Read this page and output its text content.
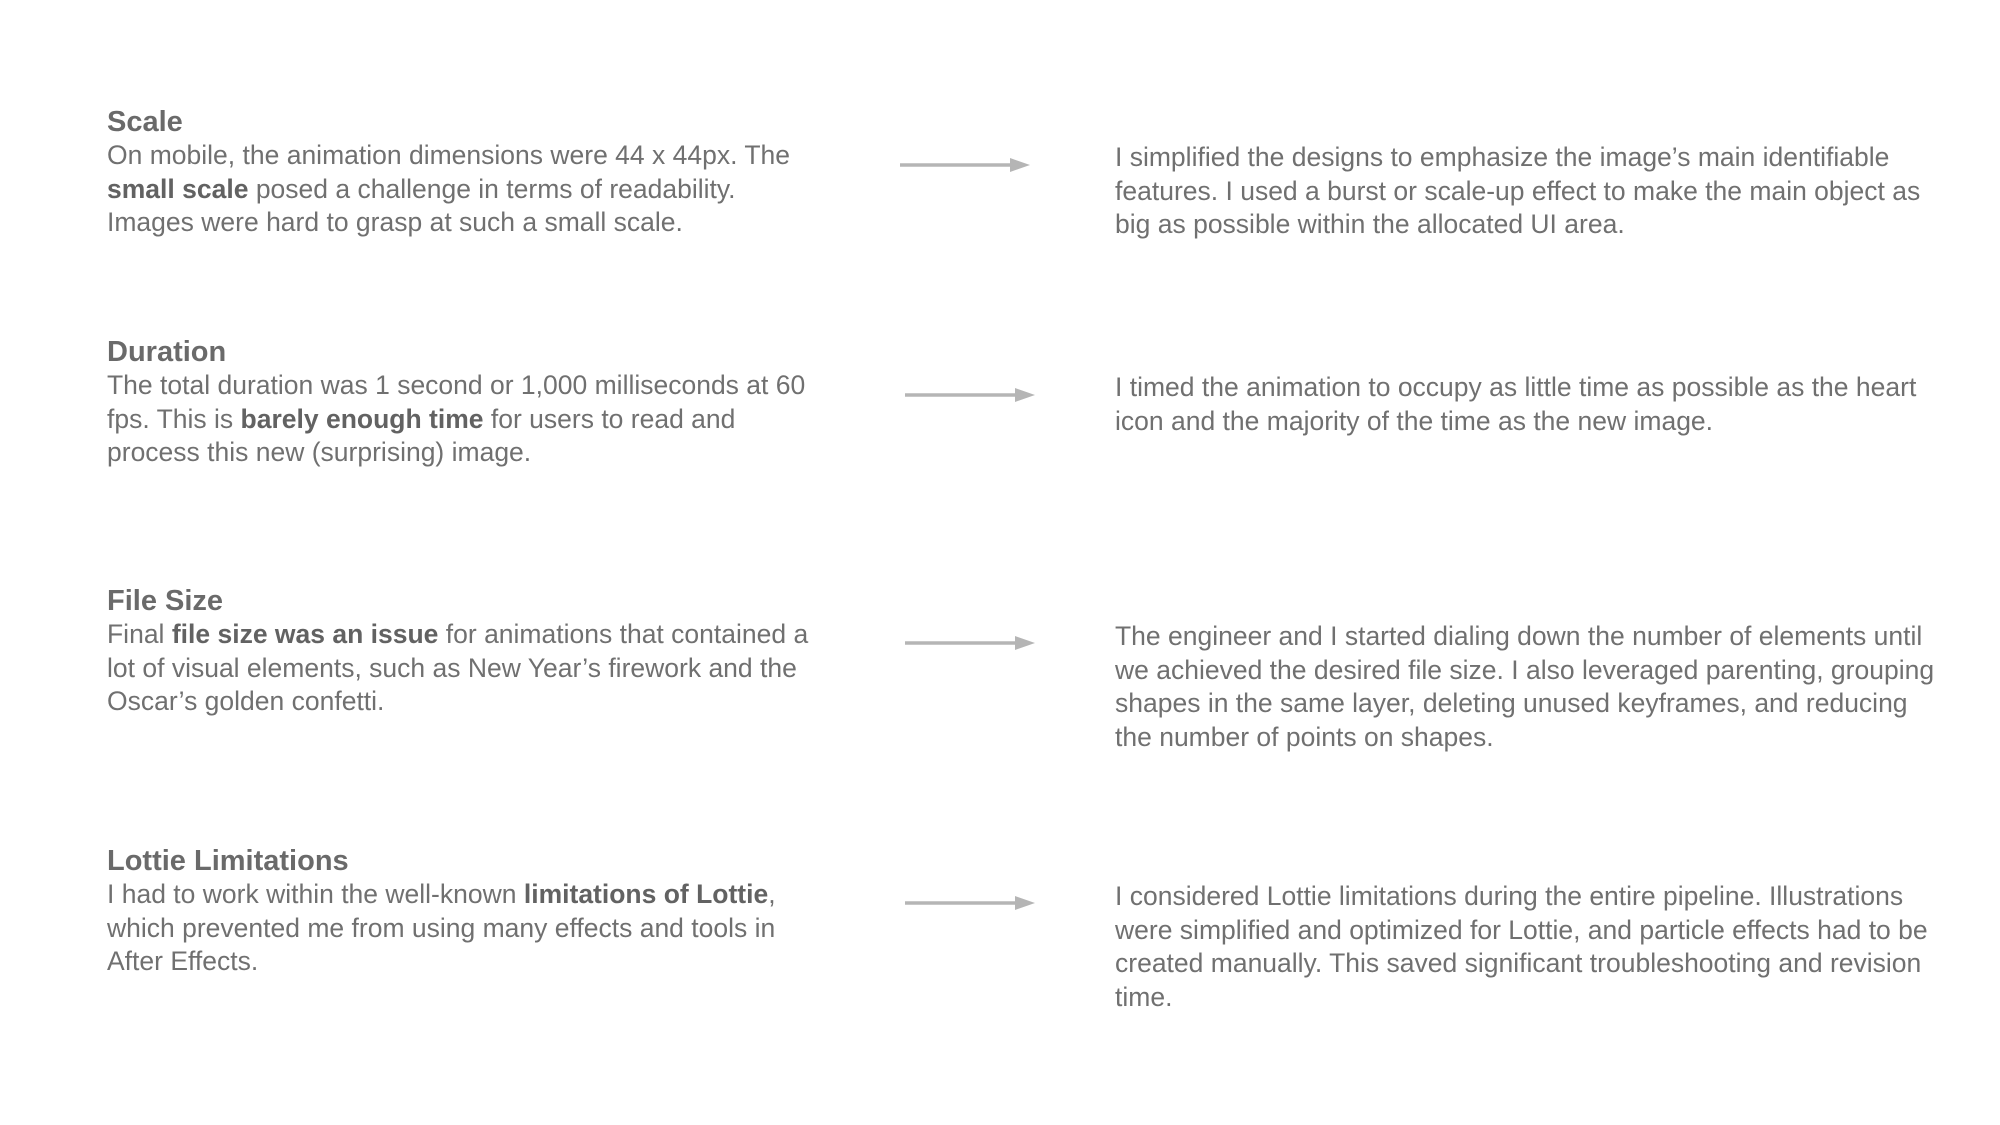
Scale

On mobile, the animation dimensions were 44 x 44px. The small scale posed a challenge in terms of readability. Images were hard to grasp at such a small scale.

I simplified the designs to emphasize the image’s main identifiable features. I used a burst or scale-up effect to make the main object as big as possible within the allocated UI area.

Duration

The total duration was 1 second or 1,000 milliseconds at 60 fps. This is barely enough time for users to read and process this new (surprising) image.

I timed the animation to occupy as little time as possible as the heart icon and the majority of the time as the new image.

File Size

Final file size was an issue for animations that contained a lot of visual elements, such as New Year’s firework and the Oscar’s golden confetti.

The engineer and I started dialing down the number of elements until we achieved the desired file size. I also leveraged parenting, grouping shapes in the same layer, deleting unused keyframes, and reducing the number of points on shapes.

Lottie Limitations

I had to work within the well-known limitations of Lottie, which prevented me from using many effects and tools in After Effects.

I considered Lottie limitations during the entire pipeline. Illustrations were simplified and optimized for Lottie, and particle effects had to be created manually. This saved significant troubleshooting and revision time.
